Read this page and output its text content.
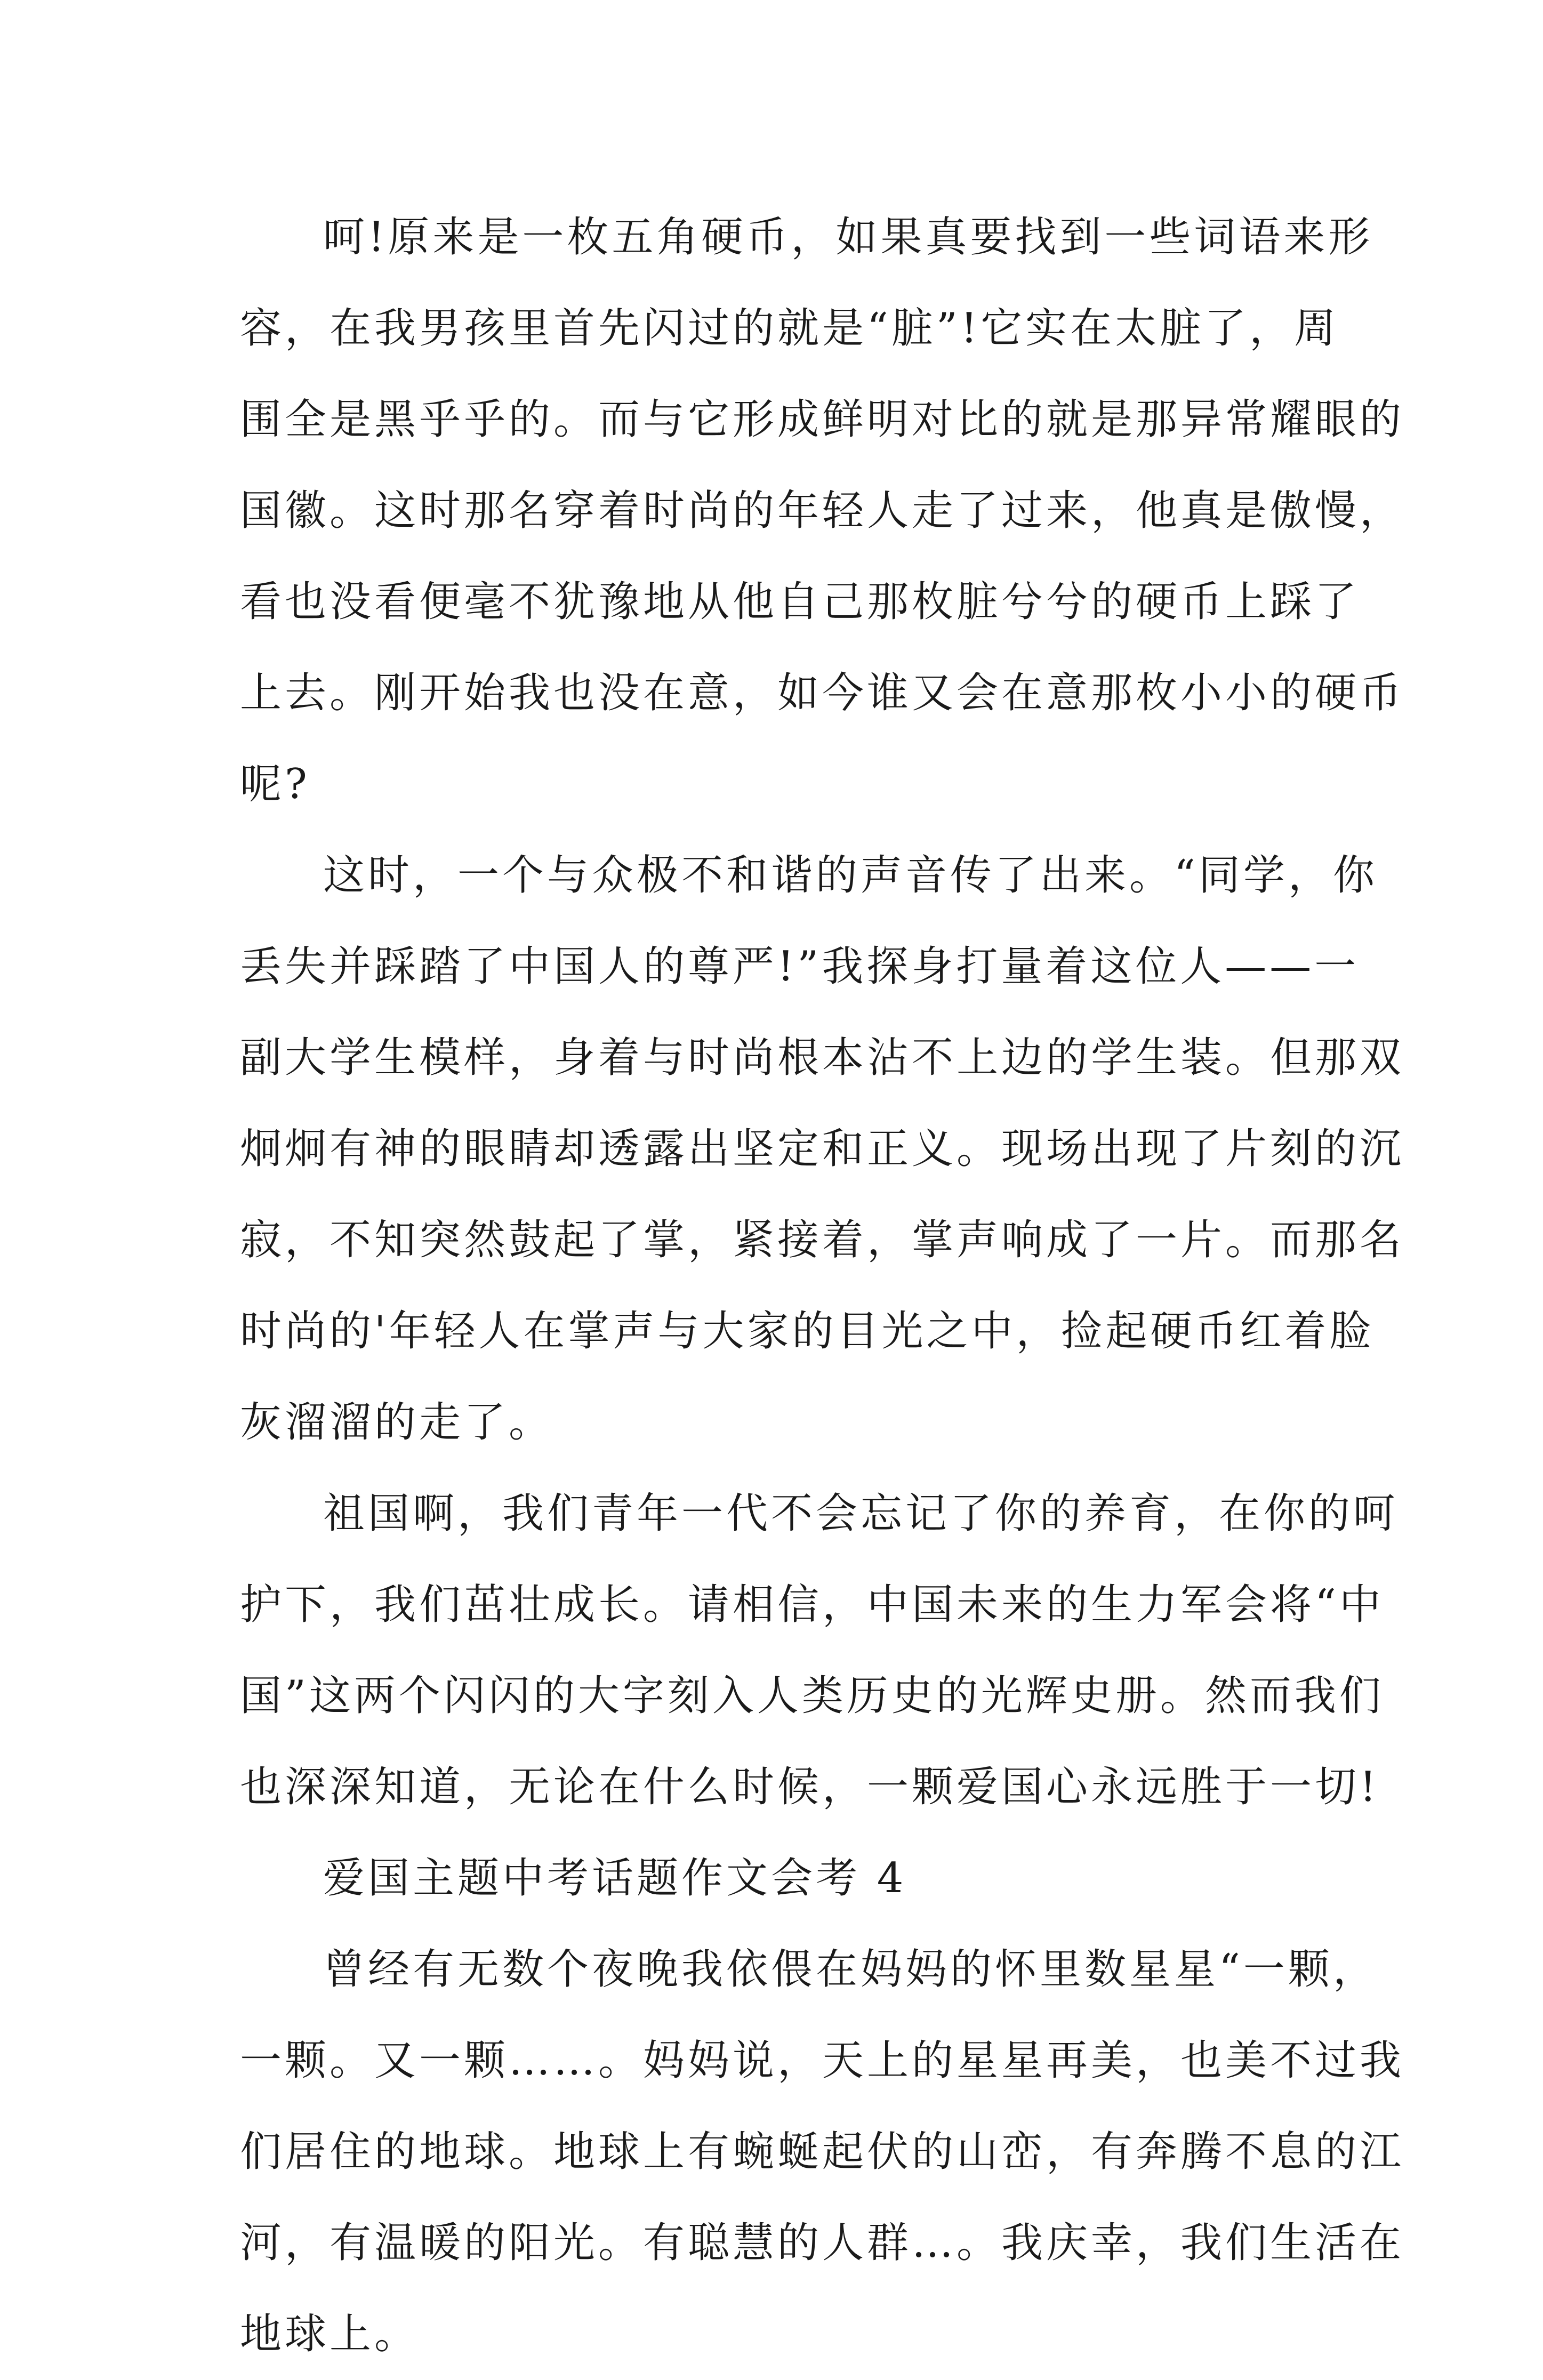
呵!原来是一枚五角硬币，如果真要找到一些词语来形
容，在我男孩里首先闪过的就是“脏”!它实在太脏了，周
围全是黑乎乎的。而与它形成鲜明对比的就是那异常耀眼的
国徽。这时那名穿着时尚的年轻人走了过来，他真是傲慢，
看也没看便毫不犹豫地从他自己那枚脏兮兮的硬币上踩了
上去。刚开始我也没在意，如今谁又会在意那枚小小的硬币
呢?
这时，一个与众极不和谐的声音传了出来。“同学，你
丢失并踩踏了中国人的尊严!”我探身打量着这位人——一
副大学生模样，身着与时尚根本沾不上边的学生装。但那双
炯炯有神的眼睛却透露出坚定和正义。现场出现了片刻的沉
寂，不知突然鼓起了掌，紧接着，掌声响成了一片。而那名
时尚的'年轻人在掌声与大家的目光之中，捡起硬币红着脸
灰溜溜的走了。
祖国啊，我们青年一代不会忘记了你的养育，在你的呵
护下，我们茁壮成长。请相信，中国未来的生力军会将“中
国”这两个闪闪的大字刻入人类历史的光辉史册。然而我们
也深深知道，无论在什么时候，一颗爱国心永远胜于一切!
爱国主题中考话题作文会考 4
曾经有无数个夜晚我依偎在妈妈的怀里数星星“一颗，
一颗。又一颗……。妈妈说，天上的星星再美，也美不过我
们居住的地球。地球上有蜿蜒起伏的山峦，有奔腾不息的江
河，有温暖的阳光。有聪慧的人群…。我庆幸，我们生活在
地球上。
